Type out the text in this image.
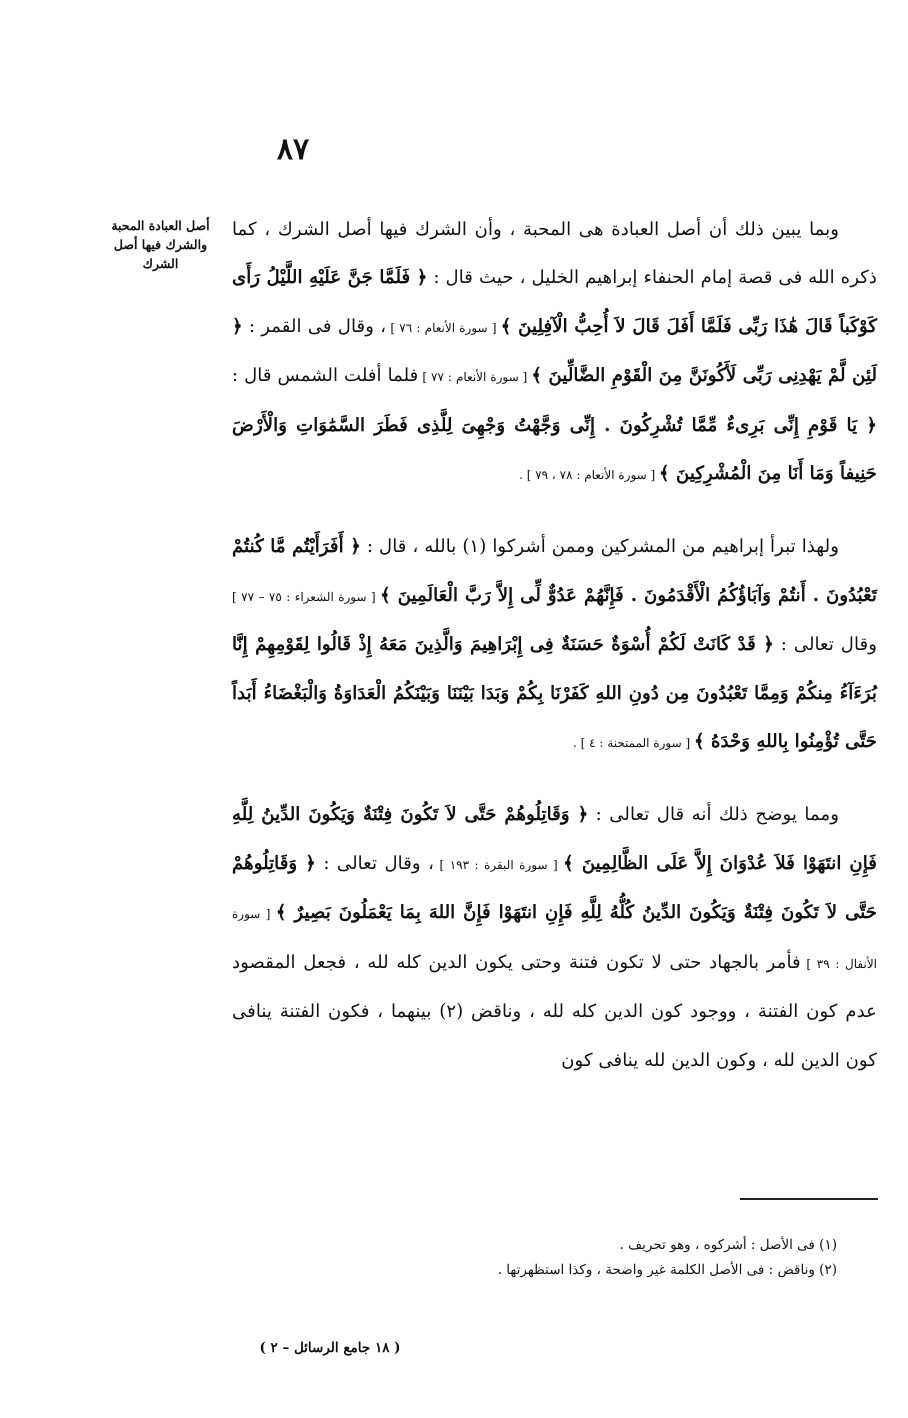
٨٧
أصل العبادة المحبة والشرك فيها أصل الشرك

وبما يبين ذلك أن أصل العبادة هى المحبة ، وأن الشرك فيها أصل الشرك ، كما ذكره الله فى قصة إمام الحنفاء إبراهيم الخليل ، حيث قال : ﴿ فَلَمَّا جَنَّ عَلَيْهِ اللَّيْلُ رَأَى كَوْكَباً قَالَ هَٰذَا رَبِّى فَلَمَّا أَفَلَ قَالَ لاَ أُحِبُّ الْآفِلِينَ ﴾ [ سورة الأنعام : ٧٦ ] ، وقال فى القمر : ﴿ لَئِن لَّمْ يَهْدِنِى رَبِّى لَأَكُونَنَّ مِنَ الْقَوْمِ الضَّالِّينَ ﴾ [ سورة الأنعام : ٧٧ ] فلما أفلت الشمس قال : ﴿ يَا قَوْمِ إِنِّى بَرِىءٌ مِّمَّا تُشْرِكُونَ . إِنِّى وَجَّهْتُ وَجْهِىَ لِلَّذِى فَطَرَ السَّمَٰوَاتِ وَالْأَرْضَ حَنِيفاً وَمَا أَنَا مِنَ الْمُشْرِكِينَ ﴾ [ سورة الأنعام : ٧٨ ، ٧٩ ] .

ولهذا تبرأ إبراهيم من المشركين وممن أشركوا (١) بالله ، قال : ﴿ أَفَرَأَيْتُم مَّا كُنتُمْ تَعْبُدُونَ . أَنتُمْ وَآبَاؤُكُمُ الْأَقْدَمُونَ . فَإِنَّهُمْ عَدُوٌّ لِّى إِلاَّ رَبَّ الْعَالَمِينَ ﴾ [ سورة الشعراء : ٧٥ – ٧٧ ] وقال تعالى : ﴿ قَدْ كَانَتْ لَكُمْ أُسْوَةٌ حَسَنَةٌ فِى إِبْرَاهِيمَ وَالَّذِينَ مَعَهُ إِذْ قَالُوا لِقَوْمِهِمْ إِنَّا بُرَءَآءُ مِنكُمْ وَمِمَّا تَعْبُدُونَ مِن دُونِ اللهِ كَفَرْنَا بِكُمْ وَبَدَا بَيْنَنَا وَبَيْنَكُمُ الْعَدَاوَةُ وَالْبَغْضَاءُ أَبَداً حَتَّى تُؤْمِنُوا بِاللهِ وَحْدَهُ ﴾ [ سورة الممتحنة : ٤ ] .

ومما يوضح ذلك أنه قال تعالى : ﴿ وَقَاتِلُوهُمْ حَتَّى لاَ تَكُونَ فِتْنَةٌ وَيَكُونَ الدِّينُ لِلَّهِ فَإِنِ انتَهَوْا فَلاَ عُدْوَانَ إِلاَّ عَلَى الظَّالِمِينَ ﴾ [ سورة البقرة : ١٩٣ ] ، وقال تعالى : ﴿ وَقَاتِلُوهُمْ حَتَّى لاَ تَكُونَ فِتْنَةٌ وَيَكُونَ الدِّينُ كُلُّهُ لِلَّهِ فَإِنِ انتَهَوْا فَإِنَّ اللهَ بِمَا يَعْمَلُونَ بَصِيرٌ ﴾ [ سورة الأنفال : ٣٩ ] فأمر بالجهاد حتى لا تكون فتنة وحتى يكون الدين كله لله ، فجعل المقصود عدم كون الفتنة ، ووجود كون الدين كله لله ، وناقض (٢) بينهما ، فكون الفتنة ينافى كون الدين لله ، وكون الدين لله ينافى كون

(١) فى الأصل : أشركوه ، وهو تحريف .

(٢) وناقض : فى الأصل الكلمة غير واضحة ، وكذا استظهرتها .

( ١٨ جامع الرسائل – ٢ )
